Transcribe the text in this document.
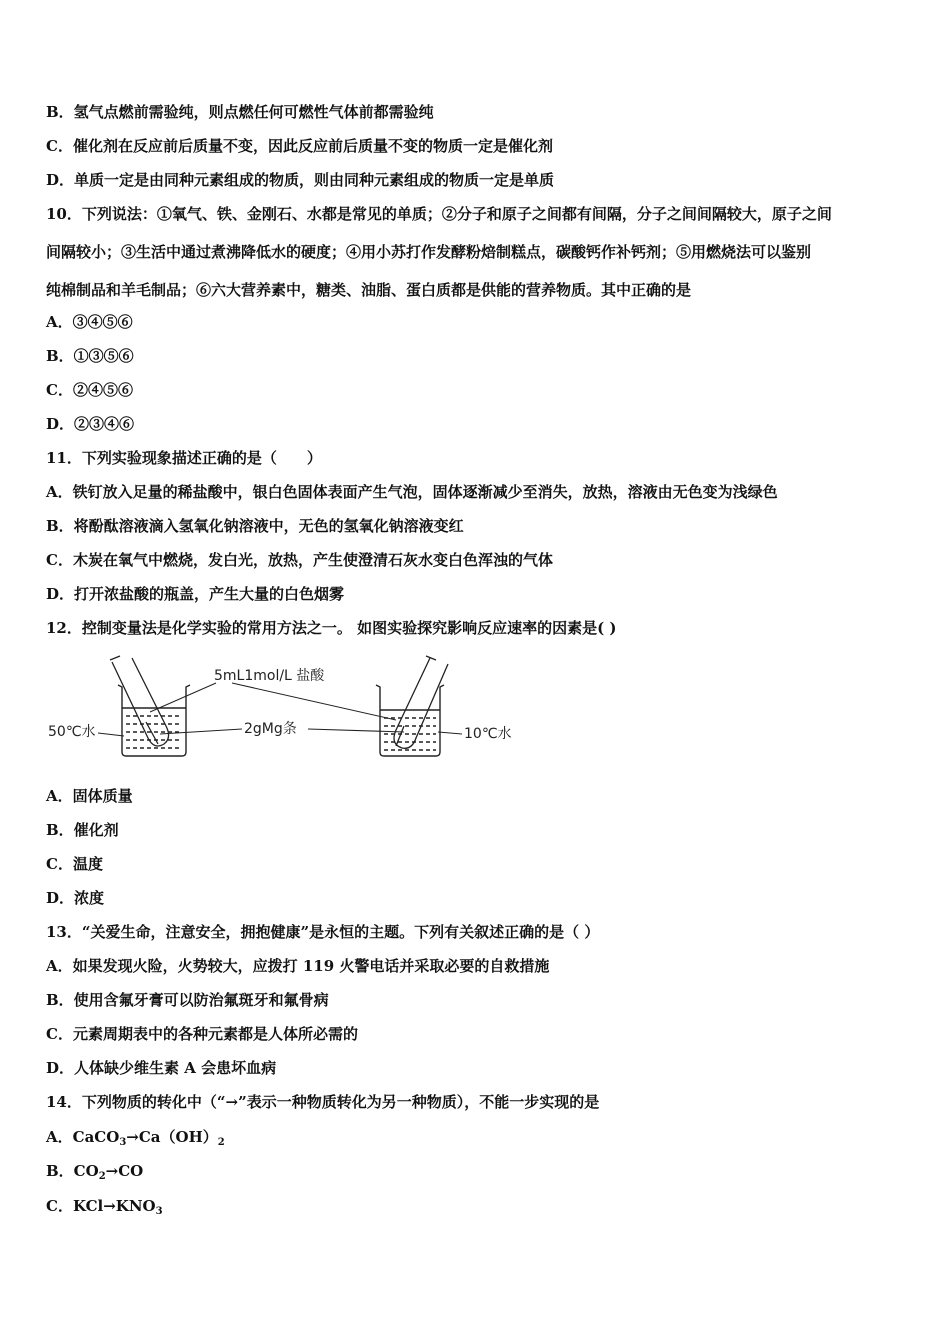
B．氢气点燃前需验纯，则点燃任何可燃性气体前都需验纯
C．催化剂在反应前后质量不变，因此反应前后质量不变的物质一定是催化剂
D．单质一定是由同种元素组成的物质，则由同种元素组成的物质一定是单质
10．下列说法：①氧气、铁、金刚石、水都是常见的单质；②分子和原子之间都有间隔，分子之间间隔较大，原子之间
间隔较小；③生活中通过煮沸降低水的硬度；④用小苏打作发酵粉焙制糕点，碳酸钙作补钙剂；⑤用燃烧法可以鉴别
纯棉制品和羊毛制品；⑥六大营养素中，糖类、油脂、蛋白质都是供能的营养物质。其中正确的是
A．③④⑤⑥
B．①③⑤⑥
C．②④⑤⑥
D．②③④⑥
11．下列实验现象描述正确的是（　　）
A．铁钉放入足量的稀盐酸中，银白色固体表面产生气泡，固体逐渐减少至消失，放热，溶液由无色变为浅绿色
B．将酚酞溶液滴入氢氧化钠溶液中，无色的氢氧化钠溶液变红
C．木炭在氧气中燃烧，发白光，放热，产生使澄清石灰水变白色浑浊的气体
D．打开浓盐酸的瓶盖，产生大量的白色烟雾
12．控制变量法是化学实验的常用方法之一。 如图实验探究影响反应速率的因素是( )
5mL1mol/L 盐酸
2gMg条
50℃水	10℃水
A．固体质量
B．催化剂
C．温度
D．浓度
13．“关爱生命，注意安全，拥抱健康”是永恒的主题。下列有关叙述正确的是（ ）
A．如果发现火险，火势较大，应拨打 119 火警电话并采取必要的自救措施
B．使用含氟牙膏可以防治氟斑牙和氟骨病
C．元素周期表中的各种元素都是人体所必需的
D．人体缺少维生素 A 会患坏血病
14．下列物质的转化中（“→”表示一种物质转化为另一种物质），不能一步实现的是
A．$CaCO_3\to Ca(OH)_2$
B．$CO_2\to CO$
C．$KCl\to KNO_3$
